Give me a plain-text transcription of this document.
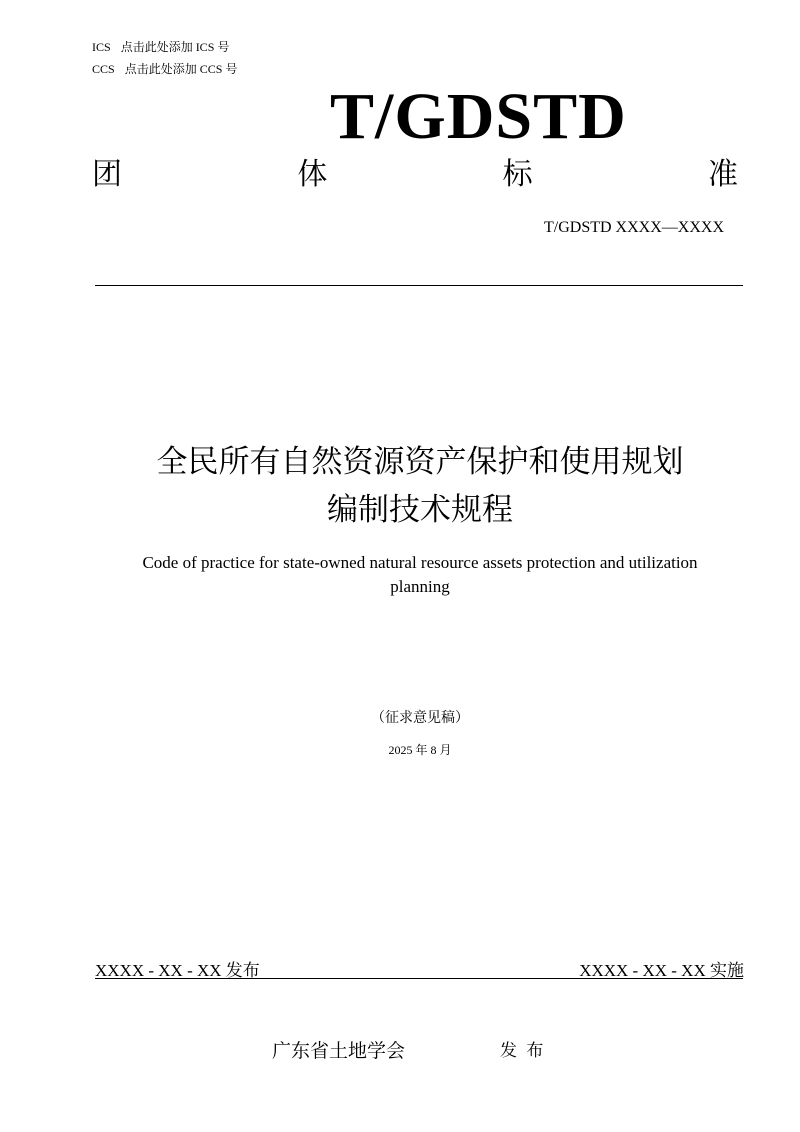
ICS 点击此处添加 ICS 号
CCS 点击此处添加 CCS 号
T/GDSTD
团	体	标	准
T/GDSTD XXXX—XXXX
全民所有自然资源资产保护和使用规划
编制技术规程
Code of practice for state-owned natural resource assets protection and utilization
planning
（征求意见稿）
2025 年 8 月
XXXX - XX - XX 发布	XXXX - XX - XX 实施
广东省土地学会	发 布
